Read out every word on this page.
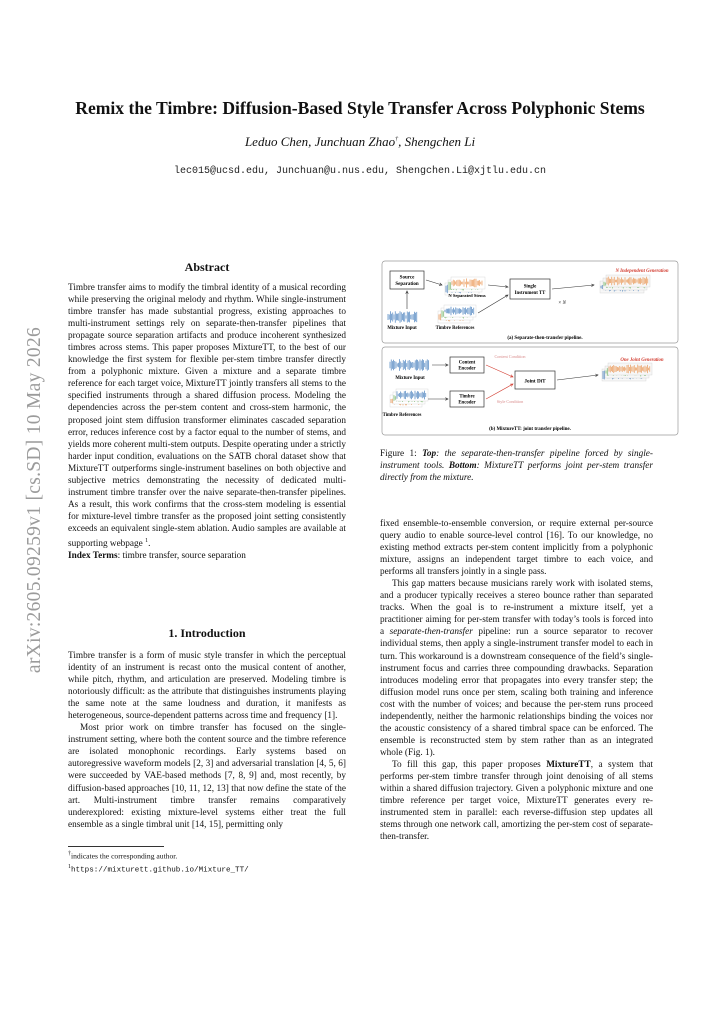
arXiv:2605.09259v1 [cs.SD] 10 May 2026
Remix the Timbre: Diffusion-Based Style Transfer Across Polyphonic Stems
Leduo Chen, Junchuan Zhao†, Shengchen Li
lec015@ucsd.edu, Junchuan@u.nus.edu, Shengchen.Li@xjtlu.edu.cn
Abstract

Timbre transfer aims to modify the timbral identity of a musical recording while preserving the original melody and rhythm. While single-instrument timbre transfer has made substantial progress, existing approaches to multi-instrument settings rely on separate-then-transfer pipelines that propagate source separation artifacts and produce incoherent synthesized timbres across stems. This paper proposes MixtureTT, to the best of our knowledge the first system for flexible per-stem timbre transfer directly from a polyphonic mixture. Given a mixture and a separate timbre reference for each target voice, MixtureTT jointly transfers all stems to the specified instruments through a shared diffusion process. Modeling the dependencies across the per-stem content and cross-stem harmonic, the proposed joint stem diffusion transformer eliminates cascaded separation error, reduces inference cost by a factor equal to the number of stems, and yields more coherent multi-stem outputs. Despite operating under a strictly harder input condition, evaluations on the SATB choral dataset show that MixtureTT outperforms single-instrument baselines on both objective and subjective metrics demonstrating the necessity of dedicated multi-instrument timbre transfer over the naive separate-then-transfer pipelines. As a result, this work confirms that the cross-stem modeling is essential for mixture-level timbre transfer as the proposed joint setting consistently exceeds an equivalent single-stem ablation. Audio samples are available at supporting webpage $^1$.

Index Terms: timbre transfer, source separation

1. Introduction

Timbre transfer is a form of music style transfer in which the perceptual identity of an instrument is recast onto the musical content of another, while pitch, rhythm, and articulation are preserved. Modeling timbre is notoriously difficult: as the attribute that distinguishes instruments playing the same note at the same loudness and duration, it manifests as heterogeneous, source-dependent patterns across time and frequency [1].

Most prior work on timbre transfer has focused on the single-instrument setting, where both the content source and the timbre reference are isolated monophonic recordings. Early systems based on autoregressive waveform models [2, 3] and adversarial translation [4, 5, 6] were succeeded by VAE-based methods [7, 8, 9] and, most recently, by diffusion-based approaches [10, 11, 12, 13] that now define the state of the art. Multi-instrument timbre transfer remains comparatively underexplored: existing mixture-level systems either treat the full ensemble as a single timbral unit [14, 15], permitting only

†indicates the corresponding author.
$^1$https://mixturett.github.io/Mixture_TT/
Source
Separation
N Separated Stems
Single
Instrument TT
× N
N Independent Generation
Mixture Input	Timbre References
(a) Separate-then-transfer pipeline.
Mixture Input
Content
Encoder
Content Condition
Joint DiT
Timbre
Encoder	Style Condition
One Joint Generation
Timbre References
(b) MixtureTT: joint transfer pipeline.
Figure 1: Top: the separate-then-transfer pipeline forced by single-instrument tools. Bottom: MixtureTT performs joint per-stem transfer directly from the mixture.

fixed ensemble-to-ensemble conversion, or require external per-source query audio to enable source-level control [16]. To our knowledge, no existing method extracts per-stem content implicitly from a polyphonic mixture, assigns an independent target timbre to each voice, and performs all transfers jointly in a single pass.

This gap matters because musicians rarely work with isolated stems, and a producer typically receives a stereo bounce rather than separated tracks. When the goal is to re-instrument a mixture itself, yet a practitioner aiming for per-stem transfer with today’s tools is forced into a separate-then-transfer pipeline: run a source separator to recover individual stems, then apply a single-instrument transfer model to each in turn. This workaround is a downstream consequence of the field’s single-instrument focus and carries three compounding drawbacks. Separation introduces modeling error that propagates into every transfer step; the diffusion model runs once per stem, scaling both training and inference cost with the number of voices; and because the per-stem runs proceed independently, neither the harmonic relationships binding the voices nor the acoustic consistency of a shared timbral space can be enforced. The ensemble is reconstructed stem by stem rather than as an integrated whole (Fig. 1).

To fill this gap, this paper proposes MixtureTT, a system that performs per-stem timbre transfer through joint denoising of all stems within a shared diffusion trajectory. Given a polyphonic mixture and one timbre reference per target voice, MixtureTT generates every re-instrumented stem in parallel: each reverse-diffusion step updates all stems through one network call, amortizing the per-stem cost of separate-then-transfer.
